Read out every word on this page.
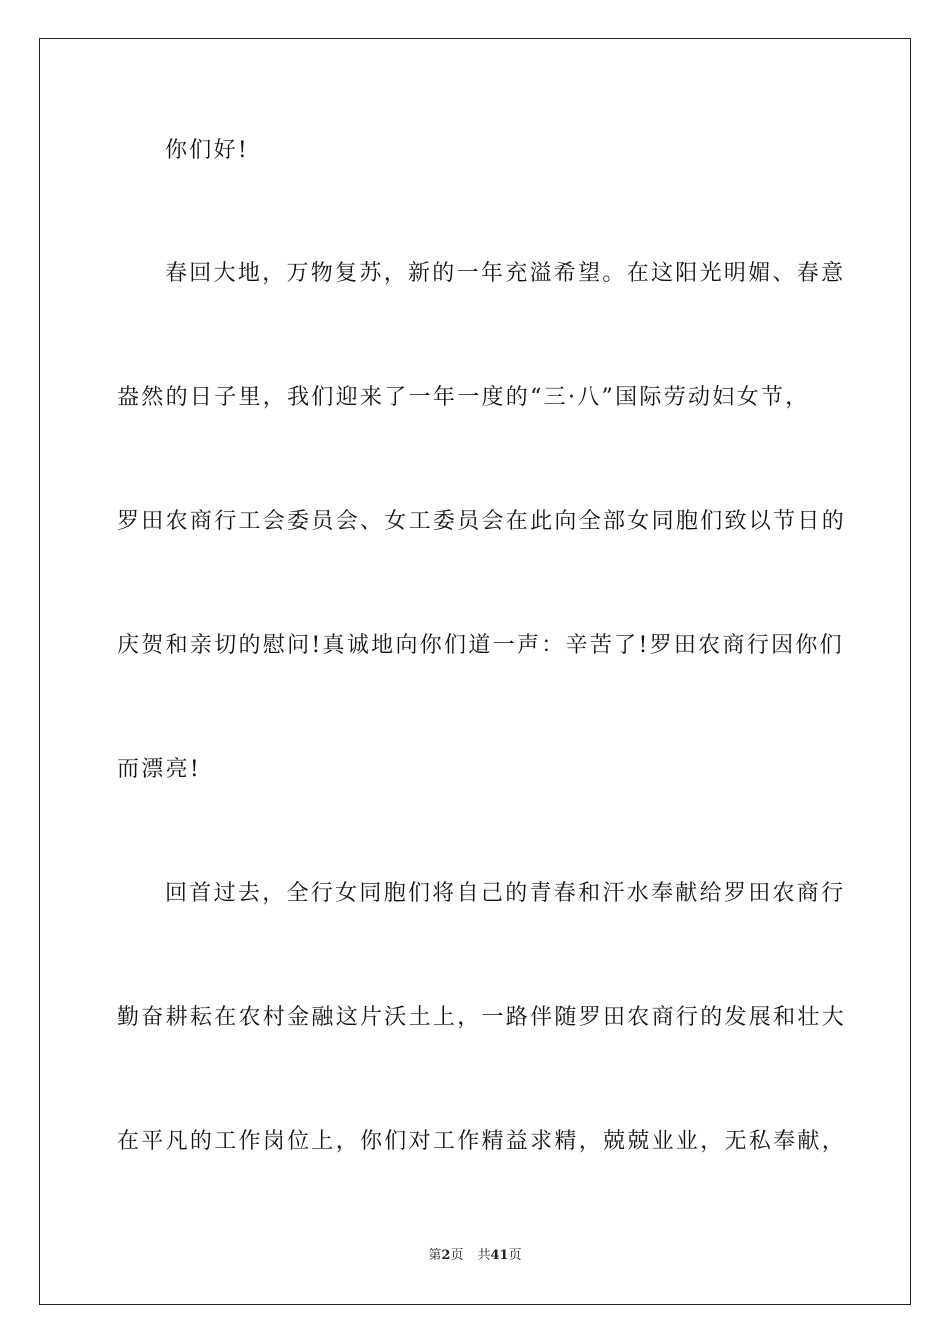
你们好!
春回大地，万物复苏，新的一年充溢希望。在这阳光明媚、春意
盎然的日子里，我们迎来了一年一度的“三·八”国际劳动妇女节，
罗田农商行工会委员会、女工委员会在此向全部女同胞们致以节日的
庆贺和亲切的慰问!真诚地向你们道一声：辛苦了!罗田农商行因你们
而漂亮!
回首过去，全行女同胞们将自己的青春和汗水奉献给罗田农商行
勤奋耕耘在农村金融这片沃土上，一路伴随罗田农商行的发展和壮大
在平凡的工作岗位上，你们对工作精益求精，兢兢业业，无私奉献，
第2页 共41页
